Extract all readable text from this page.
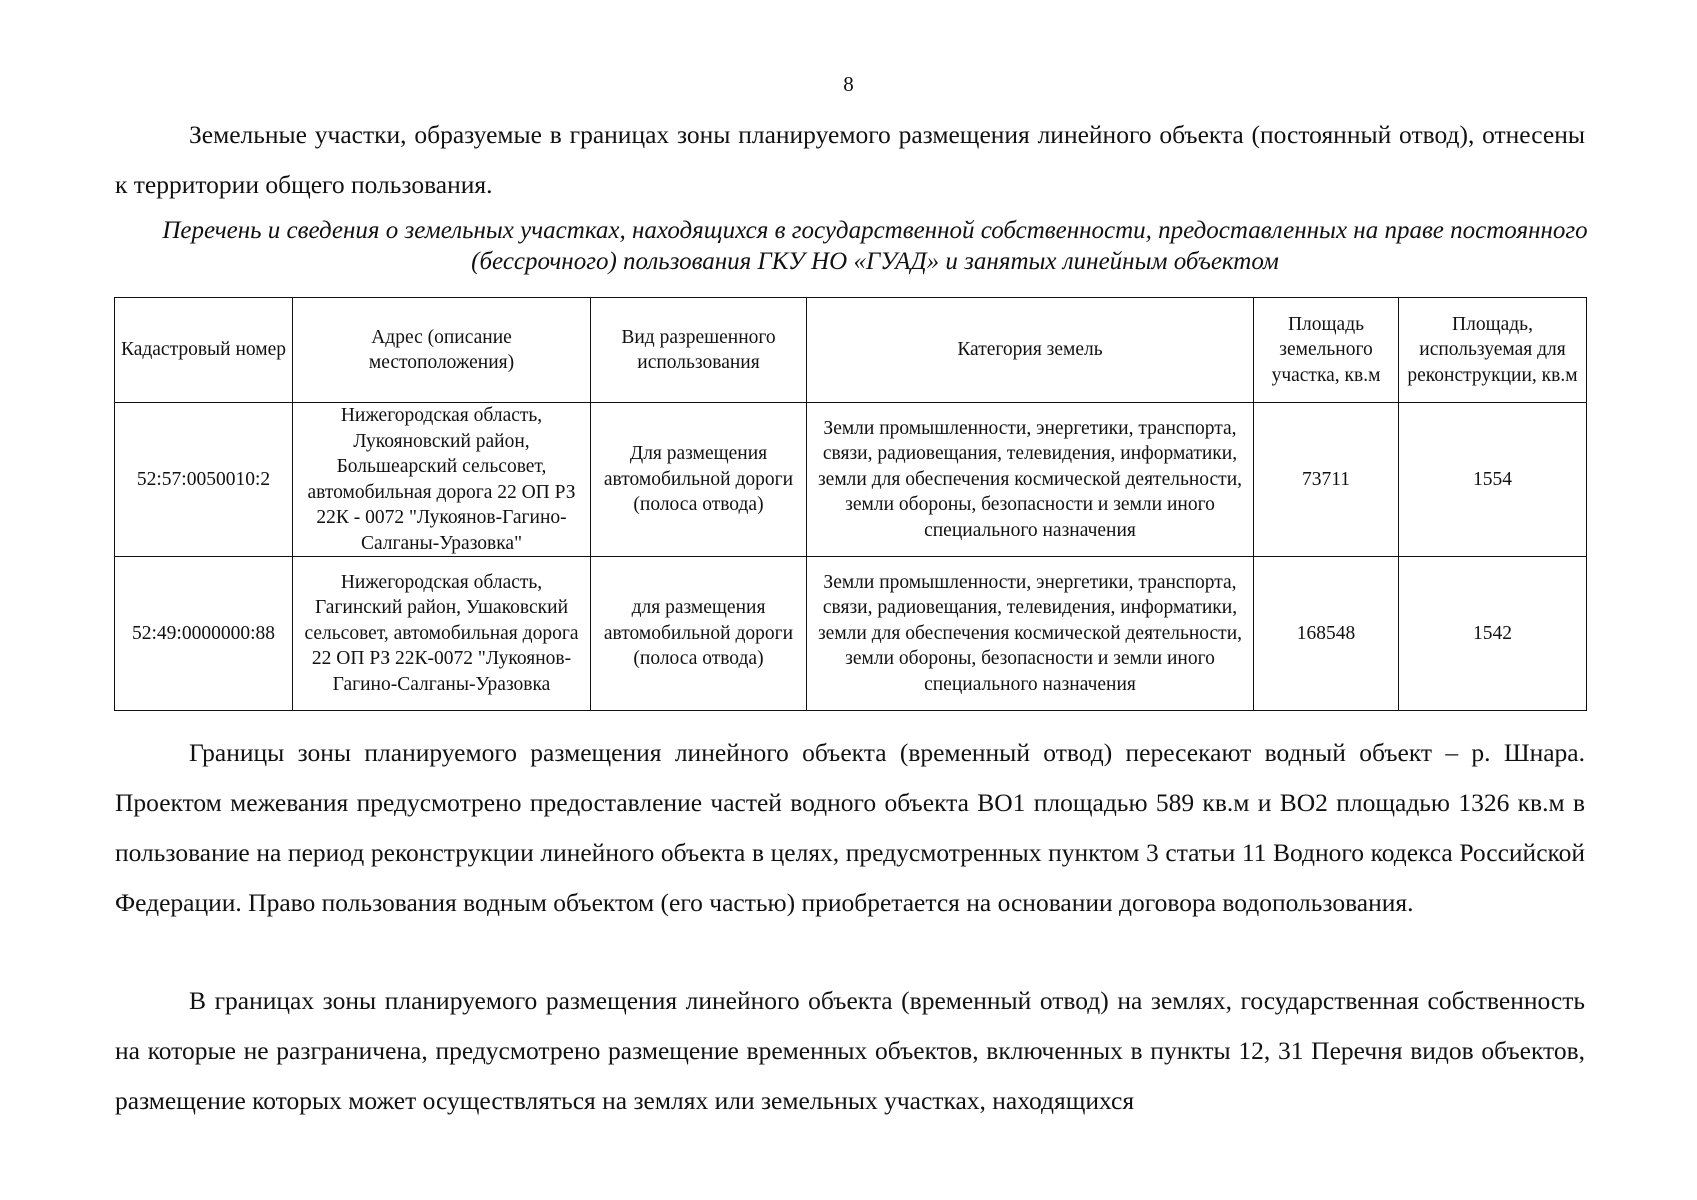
8

Земельные участки, образуемые в границах зоны планируемого размещения линейного объекта (постоянный отвод), отнесены к территории общего пользования.

Перечень и сведения о земельных участках, находящихся в государственной собственности, предоставленных на праве постоянного (бессрочного) пользования ГКУ НО «ГУАД» и занятых линейным объектом

Кадастровый номер	Адрес (описание местоположения)	Вид разрешенного использования	Категория земель	Площадь земельного участка, кв.м	Площадь, используемая для реконструкции, кв.м
52:57:0050010:2	Нижегородская область, Лукояновский район, Большеарский сельсовет, автомобильная дорога 22 ОП РЗ 22К - 0072 "Лукоянов-Гагино-Салганы-Уразовка"	Для размещения автомобильной дороги (полоса отвода)	Земли промышленности, энергетики, транспорта, связи, радиовещания, телевидения, информатики, земли для обеспечения космической деятельности, земли обороны, безопасности и земли иного специального назначения	73711	1554
52:49:0000000:88	Нижегородская область, Гагинский район, Ушаковский сельсовет, автомобильная дорога 22 ОП РЗ 22К-0072 "Лукоянов-Гагино-Салганы-Уразовка	для размещения автомобильной дороги (полоса отвода)	Земли промышленности, энергетики, транспорта, связи, радиовещания, телевидения, информатики, земли для обеспечения космической деятельности, земли обороны, безопасности и земли иного специального назначения	168548	1542

Границы зоны планируемого размещения линейного объекта (временный отвод) пересекают водный объект – р. Шнара. Проектом межевания предусмотрено предоставление частей водного объекта ВО1 площадью 589 кв.м и ВО2 площадью 1326 кв.м в пользование на период реконструкции линейного объекта в целях, предусмотренных пунктом 3 статьи 11 Водного кодекса Российской Федерации. Право пользования водным объектом (его частью) приобретается на основании договора водопользования.

В границах зоны планируемого размещения линейного объекта (временный отвод) на землях, государственная собственность на которые не разграничена, предусмотрено размещение временных объектов, включенных в пункты 12, 31 Перечня видов объектов, размещение которых может осуществляться на землях или земельных участках, находящихся
